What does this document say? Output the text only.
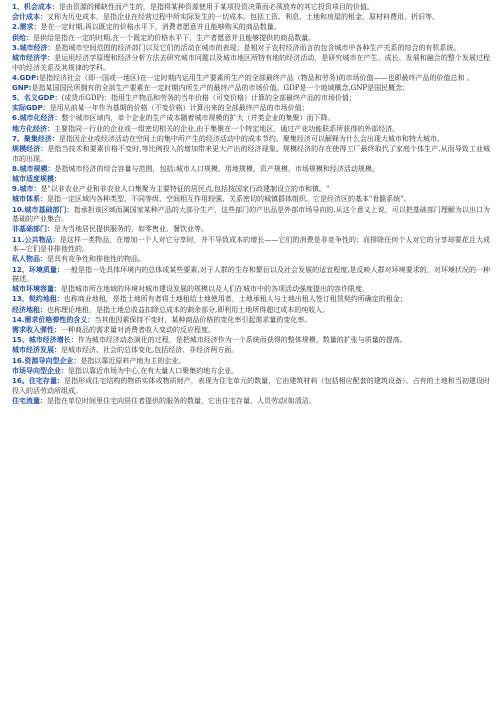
1、机会成本：是由资源的稀缺性而产生的，是指将某种资源使用于某项投资决策而必须放弃的其它投资项目的价值。

会计成本：又称为历史成本，是指企业在经营过程中所实际发生的一切成本。包括工资、利息、土地和房屋的租金、原材料费用、折旧等。

2.需求：是在一定时期,再以既定的价格水平下，消费者愿意并且能够购买的商品数量。

供给：是供给是指在一定的时期,在一个既定的价格水平下，生产者愿意并且能够提供的商品数量。

3.城市经济：是指城市空间范围的经济部门以及它们的活动在城市的表现；是相对于农村经济而言的包含城市中各种生产关系的综合的有机系统。

城市经济学：是运用经济学原理和经济分析方法去研究城市问题以及城市地区所特有地的经济活动，是研究城市在产生、成长、发展和融合的整个发展过程中的经济关系及其规律的学科。

4.GDP:是指经济社会（即一国或一地区)在一定时期内运用生产要素所生产的全部最终产品（物品和劳务)的市场价值——也即最终产品的价值总和 。

GNP:是指某国国民所拥有的全部生产要素在一定时期内所生产的最终产品的市场价值。GDP是一个地域概念,GNP是国民概念；

5、名义GDP：(或货币GDP)：指用生产物品和劳务的当年价格（可变价格）计算的全部最终产品的市场价值；

实际GDP：是用从前某一年作为基期的价格（不变价格）计算出来的全部最终产品的市场价值；

6.城市化经济：整个城市区域内，单个企业的生产成本随着城市规模的扩大（并类企业的集聚）而下降。

地方化经济：主要指同一行业的企业或一组密切相关的企业,由于集聚在一个特定地区，通过产业功能联系所获得的外部经济。

7、聚集经济：是指因企业或经济活动在空间上的集中所产生的经济活动中的成本节约。聚集经济可以解释为什么会出现大城市和特大城市。

规模经济：是指当技术和要素价格不变时,等比例投入的增加带来更大产出的经济现象。规模经济的存在使得工厂最终取代了家庭个体生产,从而导致工业城市的出现。

8.城市规模：是指城市经济的综合容量与范围，包括:城市人口规模、用地规模、资产规模、市场规模和经济活动规模。

城市适度规模：

9.城市：是"以非农业产业和非农业人口集聚为主要特征的居民点,包括按国家行政建制设立的市和镇。"

城市体系：是指一定区域内各种类型、不同等级、空间相互作用较强、关系密切的城镇群体组织。它是经济区的基本"骨骼系统"。

10.城市基础部门：指承担该区域而属国家某种产品的大部分生产，这些部门的产出品是外部市场导向的.从这个意义上说，可以把基础部门理解为以出口为基础的产业集合。

非基础部门：是为当地居民提供服务的，如零售业、餐饮业等。

11.公共物品：是这样一类物品，在增加一个人对它分享时，并不导致成本的增长——它们的消费是非竞争性的；而排除任何个人对它的分享却要花且大成本—它们是非排他性的。

私人物品：是具有竞争性和排他性的物品。

12、环境质量：一般是指一处具体环境内的总体或某些要素,对于人群的生存和繁衍以及社会发展的适宜程度,是反映人群对环境要求的，对环境状况的一种描述。

城市环境容量：是指城市所在地域的环境对城市建设发展的规模以及人们在城市中的各项活动强度提出的容许限度。

13、契约地租：也称商业地租，是指土地所有者将土地租给土地使用者，土地承租人与土地出租人签订租赁契约所确定的租金；

经济地租：也称理论地租，是指土地总收益扣除总成本的剩余部分,即利用土地所得超过成本的纯收入。

14.需求价格弹性的含义：当其他因素保持不变时，某种商品价格的变化率引起需求量的变化率。

需求收入弹性：一种商品的需求量对消费者收入变动的反应程度。

15、城市经济增长：作为城市经济动态演化的过程，是把城市经济作为一个系统而获得的整体规模、数量的扩张与质量的提高。

城市经济发展：是城市经济、社会的总体变化,包括经济、非经济两方面。

16.资源导向型企业：是指以靠近原料产地为主的企业。

市场导向型企业：是指以靠近市场为中心,在有大量人口聚集的地方企业。

16。住宅存量：是指形成住宅结构的物质实体或物质财产，表现为住宅单元的数量，它由建筑材料（包括相应配套的建筑设备）、占有的土地和当初建设时投入的活劳动所组成。

住宅流量：是指在单位时间里住宅向居住者提供的服务的数量，它由住宅存量、人员劳动(如清洁、
